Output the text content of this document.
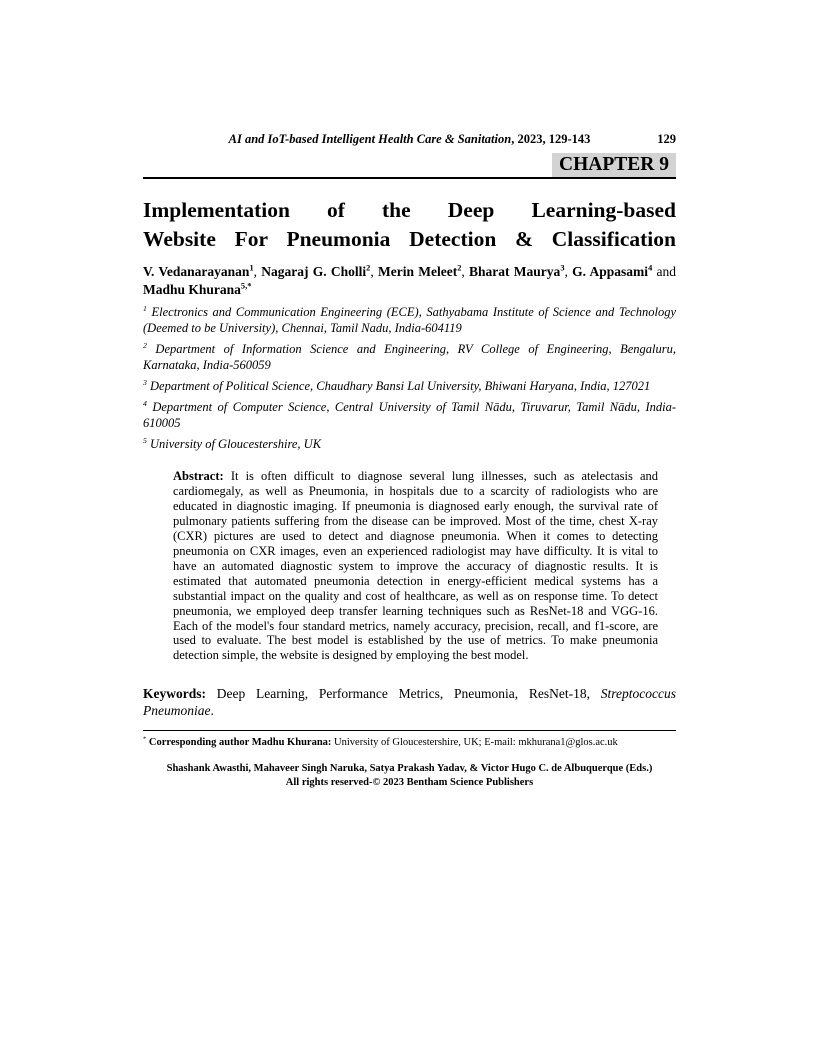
AI and IoT-based Intelligent Health Care & Sanitation, 2023, 129-143	129
CHAPTER 9
Implementation of the Deep Learning-based
Website For Pneumonia Detection & Classification
V. Vedanarayanan$^1$, Nagaraj G. Cholli$^2$, Merin Meleet$^2$, Bharat Maurya$^3$, G. Appasami$^4$ and Madhu Khurana$^{5,*}$

$^1$ Electronics and Communication Engineering (ECE), Sathyabama Institute of Science and Technology (Deemed to be University), Chennai, Tamil Nadu, India-604119

$^2$ Department of Information Science and Engineering, RV College of Engineering, Bengaluru, Karnataka, India-560059

$^3$ Department of Political Science, Chaudhary Bansi Lal University, Bhiwani Haryana, India, 127021

$^4$ Department of Computer Science, Central University of Tamil Nādu, Tiruvarur, Tamil Nādu, India-610005

$^5$ University of Gloucestershire, UK

Abstract: It is often difficult to diagnose several lung illnesses, such as atelectasis and cardiomegaly, as well as Pneumonia, in hospitals due to a scarcity of radiologists who are educated in diagnostic imaging. If pneumonia is diagnosed early enough, the survival rate of pulmonary patients suffering from the disease can be improved. Most of the time, chest X-ray (CXR) pictures are used to detect and diagnose pneumonia. When it comes to detecting pneumonia on CXR images, even an experienced radiologist may have difficulty. It is vital to have an automated diagnostic system to improve the accuracy of diagnostic results. It is estimated that automated pneumonia detection in energy-efficient medical systems has a substantial impact on the quality and cost of healthcare, as well as on response time. To detect pneumonia, we employed deep transfer learning techniques such as ResNet-18 and VGG-16. Each of the model's four standard metrics, namely accuracy, precision, recall, and f1-score, are used to evaluate. The best model is established by the use of metrics. To make pneumonia detection simple, the website is designed by employing the best model.
Keywords: Deep Learning, Performance Metrics, Pneumonia, ResNet-18, Streptococcus Pneumoniae.
* Corresponding author Madhu Khurana: University of Gloucestershire, UK; E-mail: mkhurana1@glos.ac.uk
Shashank Awasthi, Mahaveer Singh Naruka, Satya Prakash Yadav, & Victor Hugo C. de Albuquerque (Eds.)
All rights reserved-© 2023 Bentham Science Publishers
